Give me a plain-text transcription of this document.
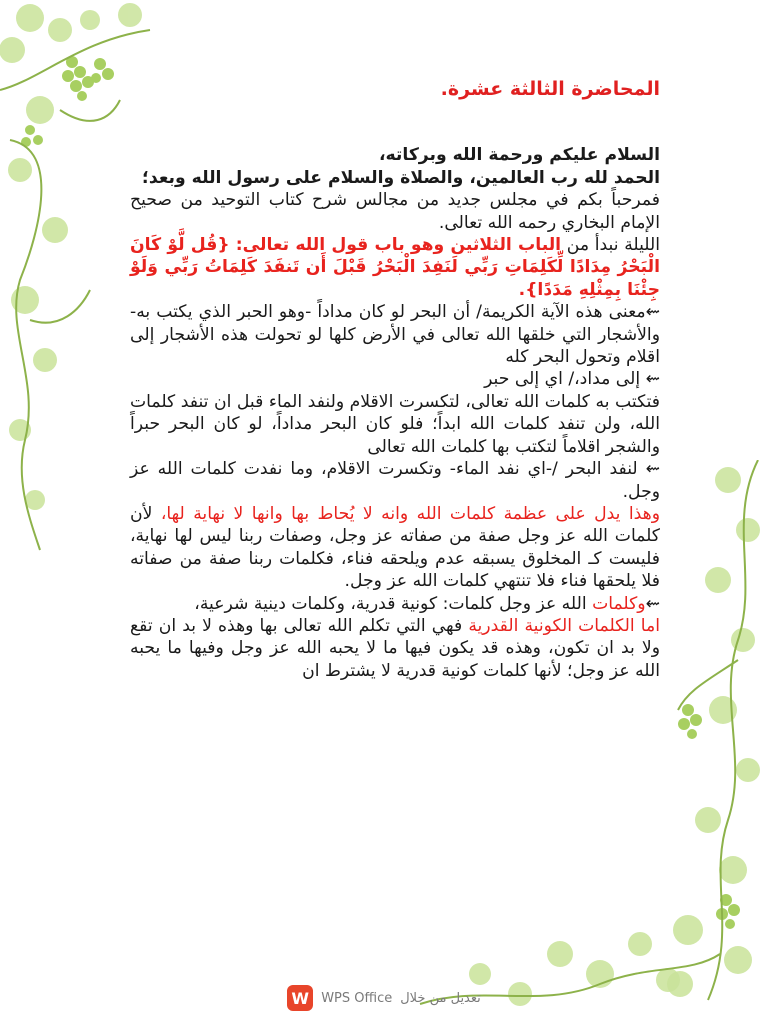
المحاضرة الثالثة عشرة.

السلام عليكم ورحمة الله وبركاته،

الحمد لله رب العالمين، والصلاة والسلام على رسول الله وبعد؛

فمرحباً بكم في مجلس جديد من مجالس شرح كتاب التوحيد من صحيح الإمام البخاري رحمه الله تعالى.

الليلة نبدأ من الباب الثلاثين وهو باب قول الله تعالى: {قُل لَّوْ كَانَ الْبَحْرُ مِدَادًا لِّكَلِمَاتِ رَبِّي لَنَفِدَ الْبَحْرُ قَبْلَ أَن تَنفَدَ كَلِمَاتُ رَبِّي وَلَوْ جِئْنَا بِمِثْلِهِ مَدَدًا}.

⇜معنى هذه الآية الكريمة/ أن البحر لو كان مداداً -وهو الحبر الذي يكتب به- والأشجار التي خلقها الله تعالى في الأرض كلها لو تحولت هذه الأشجار إلى اقلام وتحول البحر كله

⇜ إلى مداد،/ اي إلى حبر

فتكتب به كلمات الله تعالى، لتكسرت الاقلام ولنفد الماء قبل ان تنفد كلمات الله، ولن تنفد كلمات الله ابداً؛ فلو كان البحر مداداً، لو كان البحر حبراً والشجر اقلاماً لتكتب بها كلمات الله تعالى

⇜ لنفد البحر /-اي نفد الماء- وتكسرت الاقلام، وما نفدت كلمات الله عز وجل.

وهذا يدل على عظمة كلمات الله وانه لا يُحاط بها وانها لا نهاية لها، لأن كلمات الله عز وجل صفة من صفاته عز وجل، وصفات ربنا ليس لها نهاية، فليست كـ المخلوق يسبقه عدم ويلحقه فناء، فكلمات ربنا صفة من صفاته فلا يلحقها فناء فلا تنتهي كلمات الله عز وجل.

⇜وكلمات الله عز وجل كلمات: كونية قدرية، وكلمات دينية شرعية،

اما الكلمات الكونية القدرية فهي التي تكلم الله تعالى بها وهذه لا بد ان تقع ولا بد ان تكون، وهذه قد يكون فيها ما لا يحبه الله عز وجل وفيها ما يحبه الله عز وجل؛ لأنها كلمات كونية قدرية لا يشترط ان

W WPS Office تعديل من خلال
